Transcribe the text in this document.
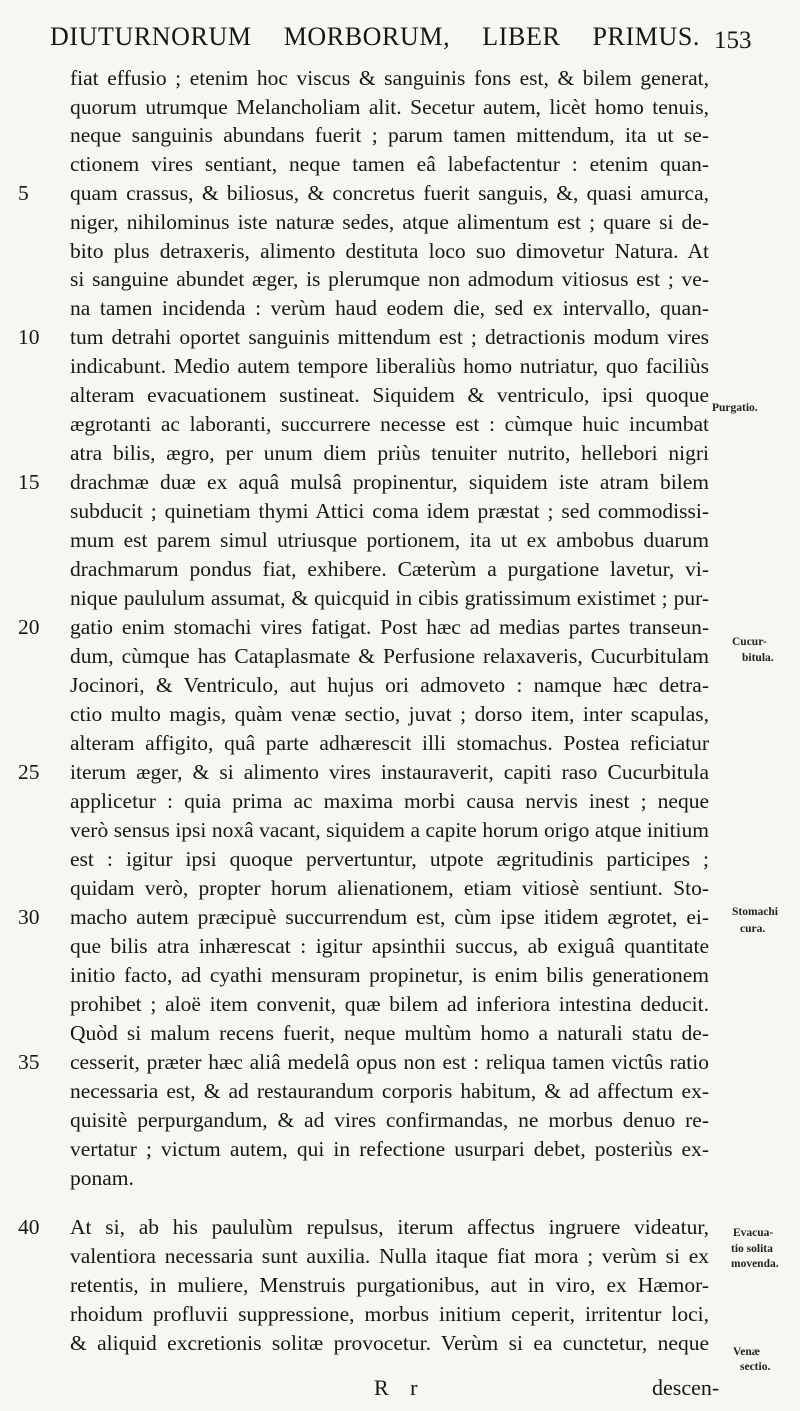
DIUTURNORUM MORBORUM, LIBER PRIMUS. 153
fiat effusio ; etenim hoc viscus & sanguinis fons est, & bilem generat,
quorum utrumque Melancholiam alit. Secetur autem, licèt homo tenuis,
neque sanguinis abundans fuerit ; parum tamen mittendum, ita ut se-
ctionem vires sentiant, neque tamen eâ labefactentur : etenim quan-
quam crassus, & biliosus, & concretus fuerit sanguis, &, quasi amurca,
niger, nihilominus iste naturæ sedes, atque alimentum est ; quare si de-
bito plus detraxeris, alimento destituta loco suo dimovetur Natura. At
si sanguine abundet æger, is plerumque non admodum vitiosus est ; ve-
na tamen incidenda : verùm haud eodem die, sed ex intervallo, quan-
tum detrahi oportet sanguinis mittendum est ; detractionis modum vires
indicabunt. Medio autem tempore liberaliùs homo nutriatur, quo faciliùs
alteram evacuationem sustineat. Siquidem & ventriculo, ipsi quoque
ægrotanti ac laboranti, succurrere necesse est : cùmque huic incumbat
atra bilis, ægro, per unum diem priùs tenuiter nutrito, hellebori nigri
drachmæ duæ ex aquâ mulsâ propinentur, siquidem iste atram bilem
subducit ; quinetiam thymi Attici coma idem præstat ; sed commodissi-
mum est parem simul utriusque portionem, ita ut ex ambobus duarum
drachmarum pondus fiat, exhibere. Cæterùm a purgatione lavetur, vi-
nique paululum assumat, & quicquid in cibis gratissimum existimet ; pur-
gatio enim stomachi vires fatigat. Post hæc ad medias partes transeun-
dum, cùmque has Cataplasmate & Perfusione relaxaveris, Cucurbitulam
Jocinori, & Ventriculo, aut hujus ori admoveto : namque hæc detra-
ctio multo magis, quàm venæ sectio, juvat ; dorso item, inter scapulas,
alteram affigito, quâ parte adhærescit illi stomachus. Postea reficiatur
iterum æger, & si alimento vires instauraverit, capiti raso Cucurbitula
applicetur : quia prima ac maxima morbi causa nervis inest ; neque
verò sensus ipsi noxâ vacant, siquidem a capite horum origo atque initium
est : igitur ipsi quoque pervertuntur, utpote ægritudinis participes ;
quidam verò, propter horum alienationem, etiam vitiosè sentiunt. Sto-
macho autem præcipuè succurrendum est, cùm ipse itidem ægrotet, ei-
que bilis atra inhærescat : igitur apsinthii succus, ab exiguâ quantitate
initio facto, ad cyathi mensuram propinetur, is enim bilis generationem
prohibet ; aloë item convenit, quæ bilem ad inferiora intestina deducit.
Quòd si malum recens fuerit, neque multùm homo a naturali statu de-
cesserit, præter hæc aliâ medelâ opus non est : reliqua tamen victûs ratio
necessaria est, & ad restaurandum corporis habitum, & ad affectum ex-
quisitè perpurgandum, & ad vires confirmandas, ne morbus denuo re-
vertatur ; victum autem, qui in refectione usurpari debet, posteriùs ex-
ponam.
At si, ab his paululùm repulsus, iterum affectus ingruere videatur,
valentiora necessaria sunt auxilia. Nulla itaque fiat mora ; verùm si ex
retentis, in muliere, Menstruis purgationibus, aut in viro, ex Hæmor-
rhoidum profluvii suppressione, morbus initium ceperit, irritentur loci,
& aliquid excretionis solitæ provocetur. Verùm si ea cunctetur, neque
5
10
15
20
25
30
35
40
Purgatio.
Cucur-
bitula.
Stomachi
cura.
Evacua-
tio solita
movenda.
Venæ
sectio.
R r	descen-
